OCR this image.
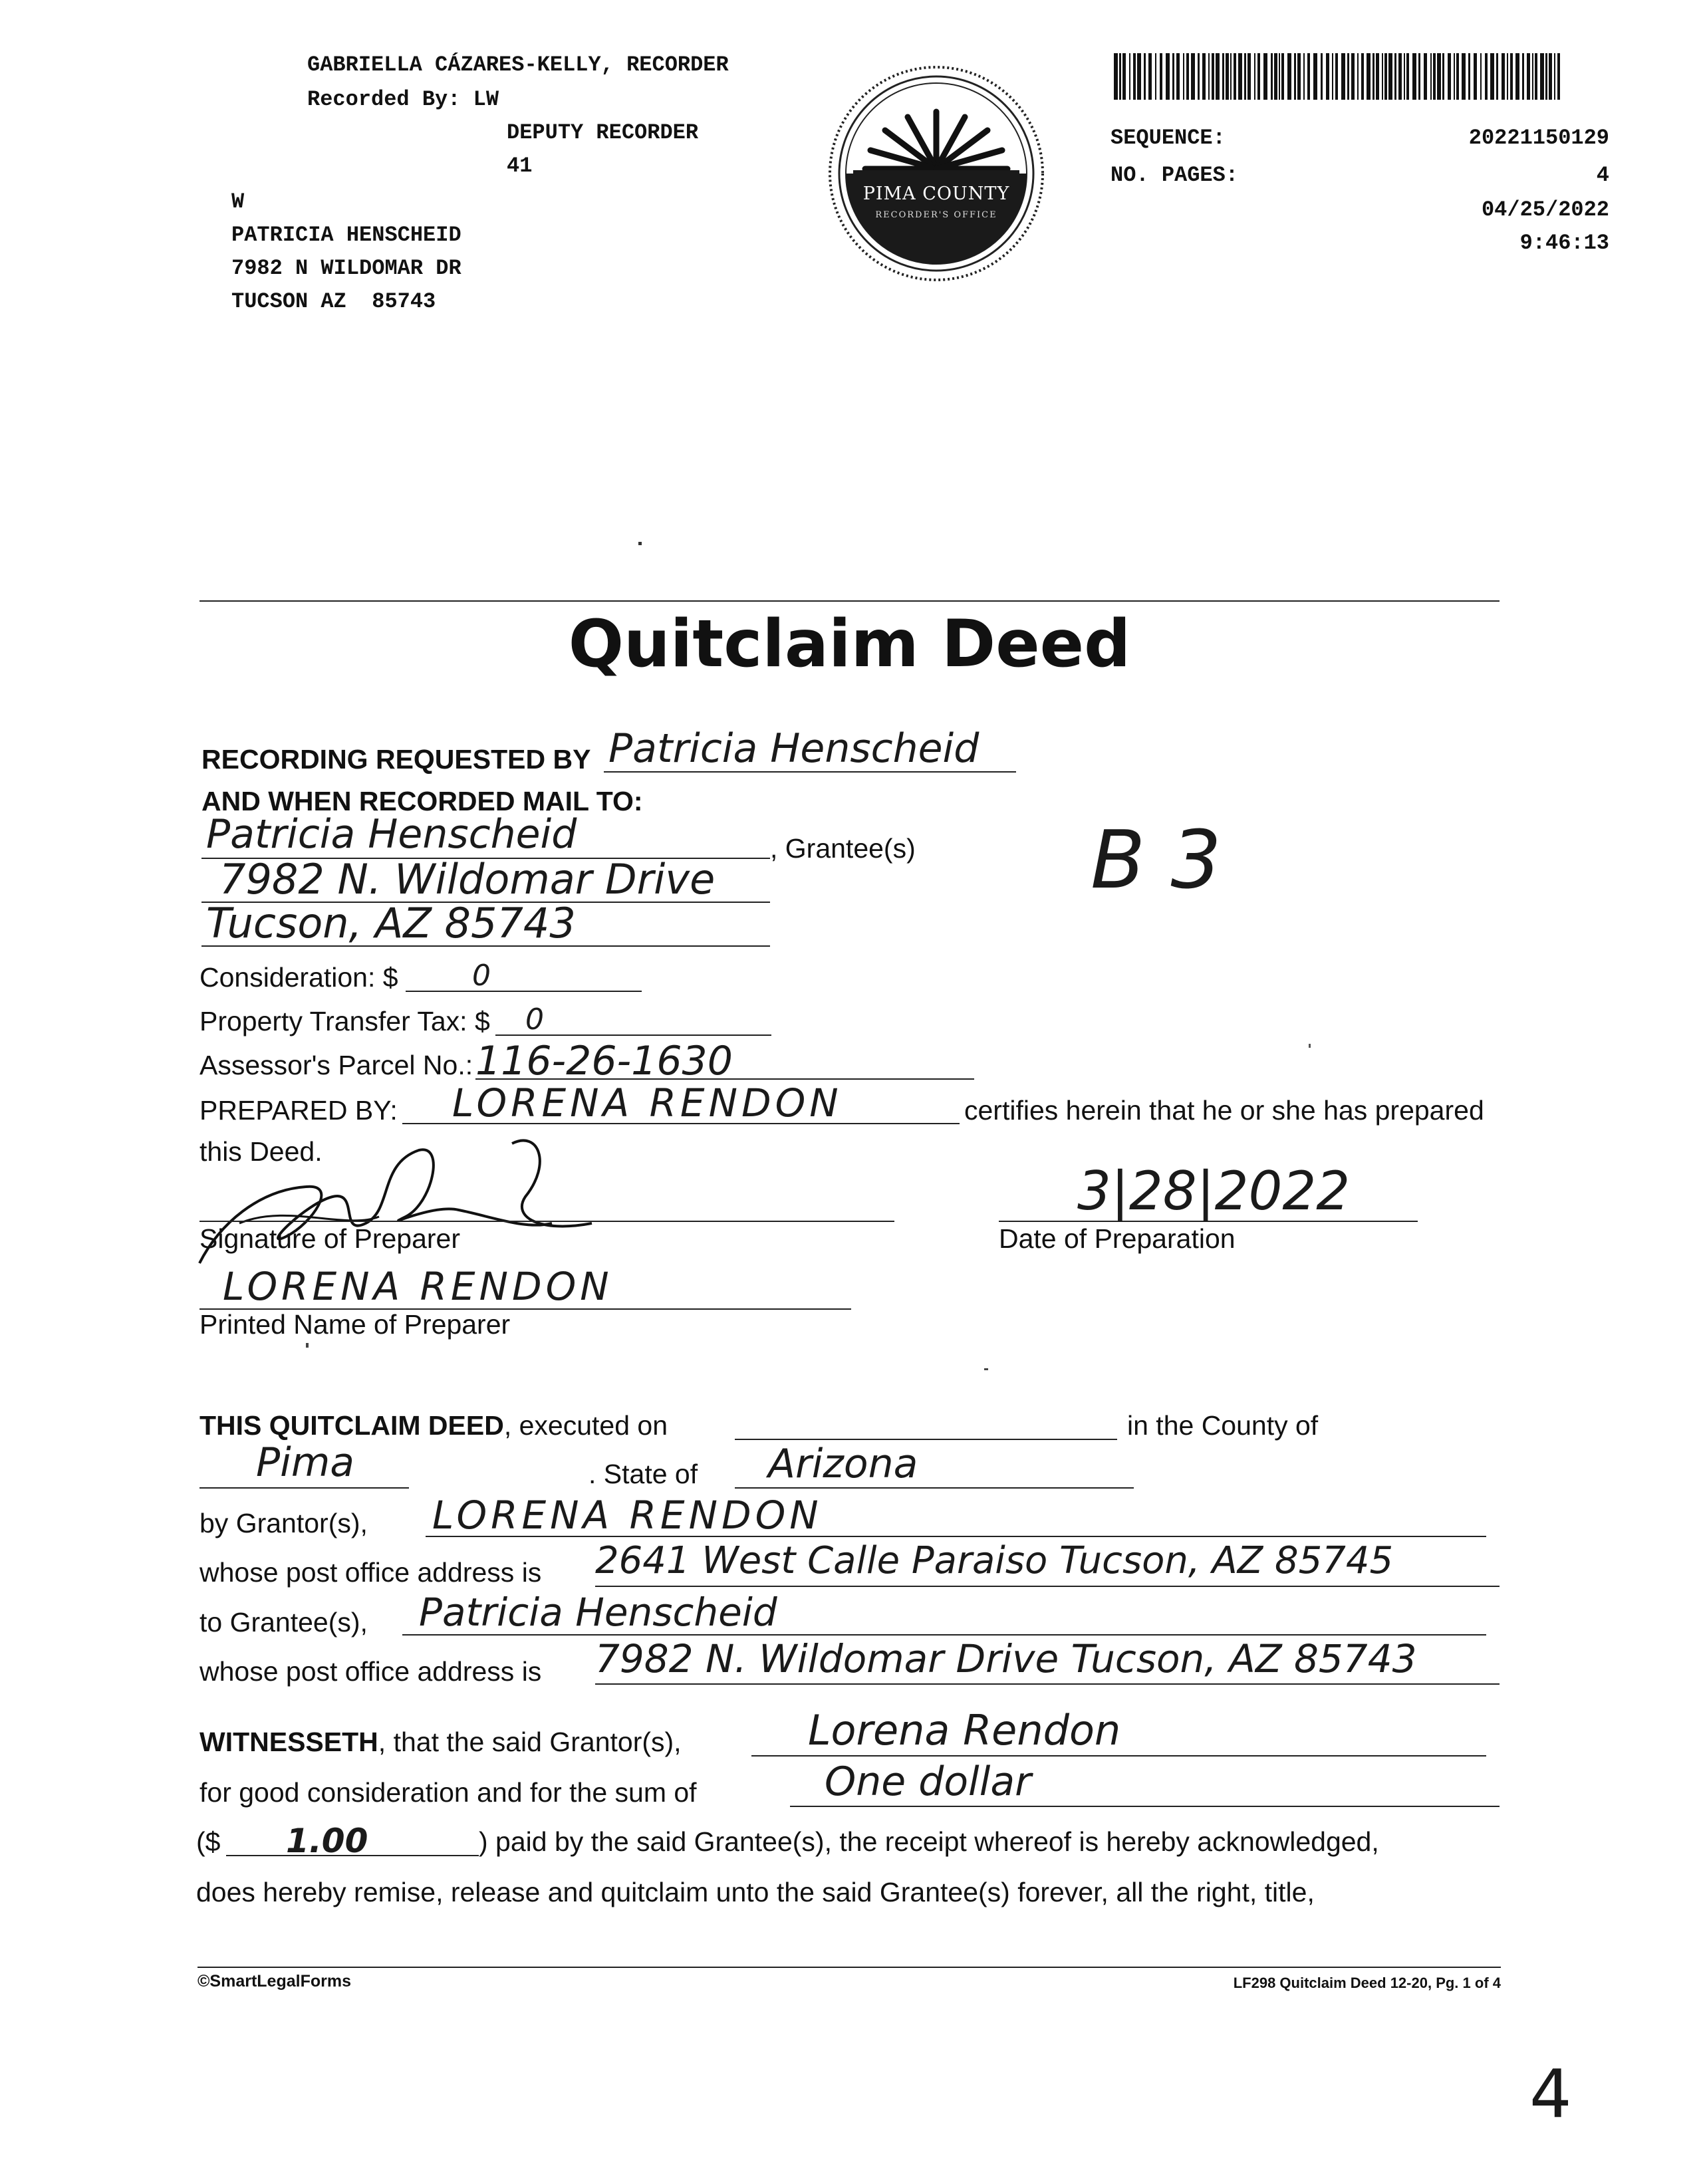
GABRIELLA CÁZARES-KELLY, RECORDER
Recorded By: LW
DEPUTY RECORDER
41
W
PATRICIA HENSCHEID
7982 N WILDOMAR DR
TUCSON AZ  85743
PIMA COUNTY
RECORDER'S OFFICE
SEQUENCE:	20221150129
NO. PAGES:	4
04/25/2022
9:46:13
Quitclaim Deed
RECORDING REQUESTED BY Patricia Henscheid
AND WHEN RECORDED MAIL TO:
Patricia Henscheid	, Grantee(s) B 3
7982 N. Wildomar Drive
Tucson, AZ 85743
Consideration: $	0
Property Transfer Tax: $ 0
Assessor's Parcel No.: 116-26-1630
PREPARED BY: LORENA RENDON	certifies herein that he or she has prepared
this Deed.
Signature of Preparer
3|28|2022
Date of Preparation
LORENA RENDON
Printed Name of Preparer
THIS QUITCLAIM DEED, executed on	in the County of
Pima	. State of Arizona
by Grantor(s), LORENA RENDON
whose post office address is 2641 West Calle Paraiso Tucson, AZ 85745
to Grantee(s), Patricia Henscheid
whose post office address is 7982 N. Wildomar Drive Tucson, AZ 85743
WITNESSETH, that the said Grantor(s),	Lorena Rendon
for good consideration and for the sum of	One dollar
($ 1.00	) paid by the said Grantee(s), the receipt whereof is hereby acknowledged,
does hereby remise, release and quitclaim unto the said Grantee(s) forever, all the right, title,
©SmartLegalForms	LF298 Quitclaim Deed 12-20, Pg. 1 of 4
4
